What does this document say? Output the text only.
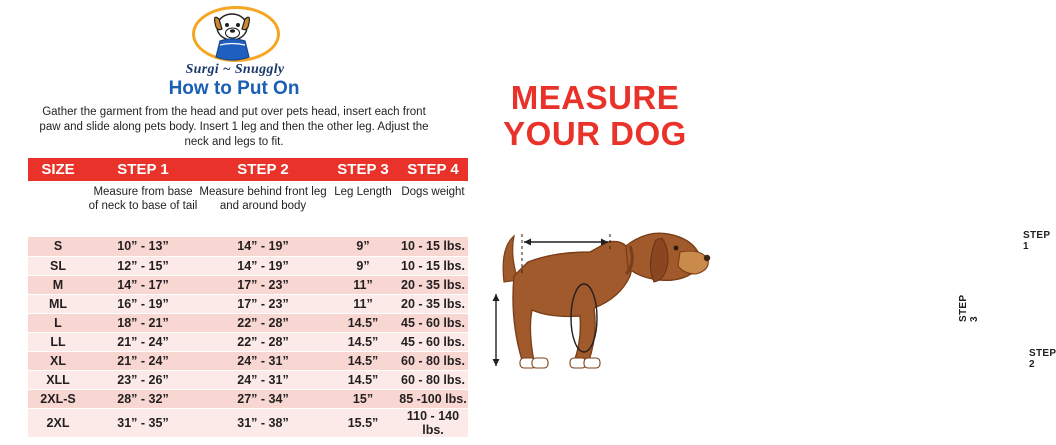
Surgi ~ Snuggly
How to Put On
Gather the garment from the head and put over pets head, insert each front paw and slide along pets body. Insert 1 leg and then the other leg. Adjust the neck and legs to fit.
SIZE	STEP 1	STEP 2	STEP 3	STEP 4
	Measure from base of neck to base of tail	Measure behind front leg and around body	Leg Length	Dogs weight
S	10” - 13”	14” - 19”	9”	10 - 15 lbs.
SL	12” - 15”	14” - 19”	9”	10 - 15 lbs.
M	14” - 17”	17” - 23”	11”	20 - 35 lbs.
ML	16” - 19”	17” - 23”	11”	20 - 35 lbs.
L	18” - 21”	22” - 28”	14.5”	45 - 60 lbs.
LL	21” - 24”	22” - 28”	14.5”	45 - 60 lbs.
XL	21” - 24”	24” - 31”	14.5”	60 - 80 lbs.
XLL	23” - 26”	24” - 31”	14.5”	60 - 80 lbs.
2XL-S	28” - 32”	27” - 34”	15”	85 -100 lbs.
2XL	31” - 35”	31” - 38”	15.5”	110 - 140 lbs.
MEASURE
YOUR DOG
STEP 1
STEP 2
STEP 3
